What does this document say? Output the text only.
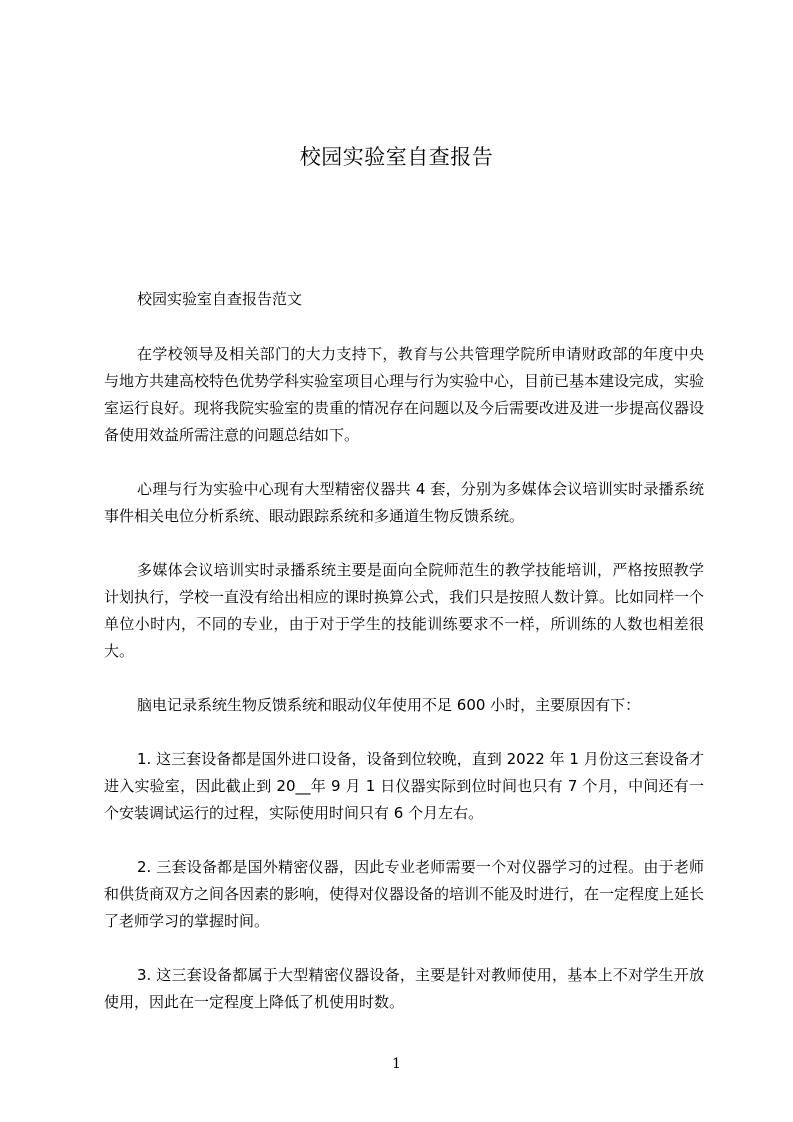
校园实验室自查报告
校园实验室自查报告范文

在学校领导及相关部门的大力支持下，教育与公共管理学院所申请财政部的年度中央与地方共建高校特色优势学科实验室项目心理与行为实验中心，目前已基本建设完成，实验室运行良好。现将我院实验室的贵重的情况存在问题以及今后需要改进及进一步提高仪器设备使用效益所需注意的问题总结如下。

心理与行为实验中心现有大型精密仪器共 4 套，分别为多媒体会议培训实时录播系统事件相关电位分析系统、眼动跟踪系统和多通道生物反馈系统。

多媒体会议培训实时录播系统主要是面向全院师范生的教学技能培训，严格按照教学计划执行，学校一直没有给出相应的课时换算公式，我们只是按照人数计算。比如同样一个单位小时内，不同的专业，由于对于学生的技能训练要求不一样，所训练的人数也相差很大。

脑电记录系统生物反馈系统和眼动仪年使用不足 600 小时，主要原因有下：

1. 这三套设备都是国外进口设备，设备到位较晚，直到 2022 年 1 月份这三套设备才进入实验室，因此截止到 20__年 9 月 1 日仪器实际到位时间也只有 7 个月，中间还有一个安装调试运行的过程，实际使用时间只有 6 个月左右。

2. 三套设备都是国外精密仪器，因此专业老师需要一个对仪器学习的过程。由于老师和供货商双方之间各因素的影响，使得对仪器设备的培训不能及时进行，在一定程度上延长了老师学习的掌握时间。

3. 这三套设备都属于大型精密仪器设备，主要是针对教师使用，基本上不对学生开放使用，因此在一定程度上降低了机使用时数。

1
